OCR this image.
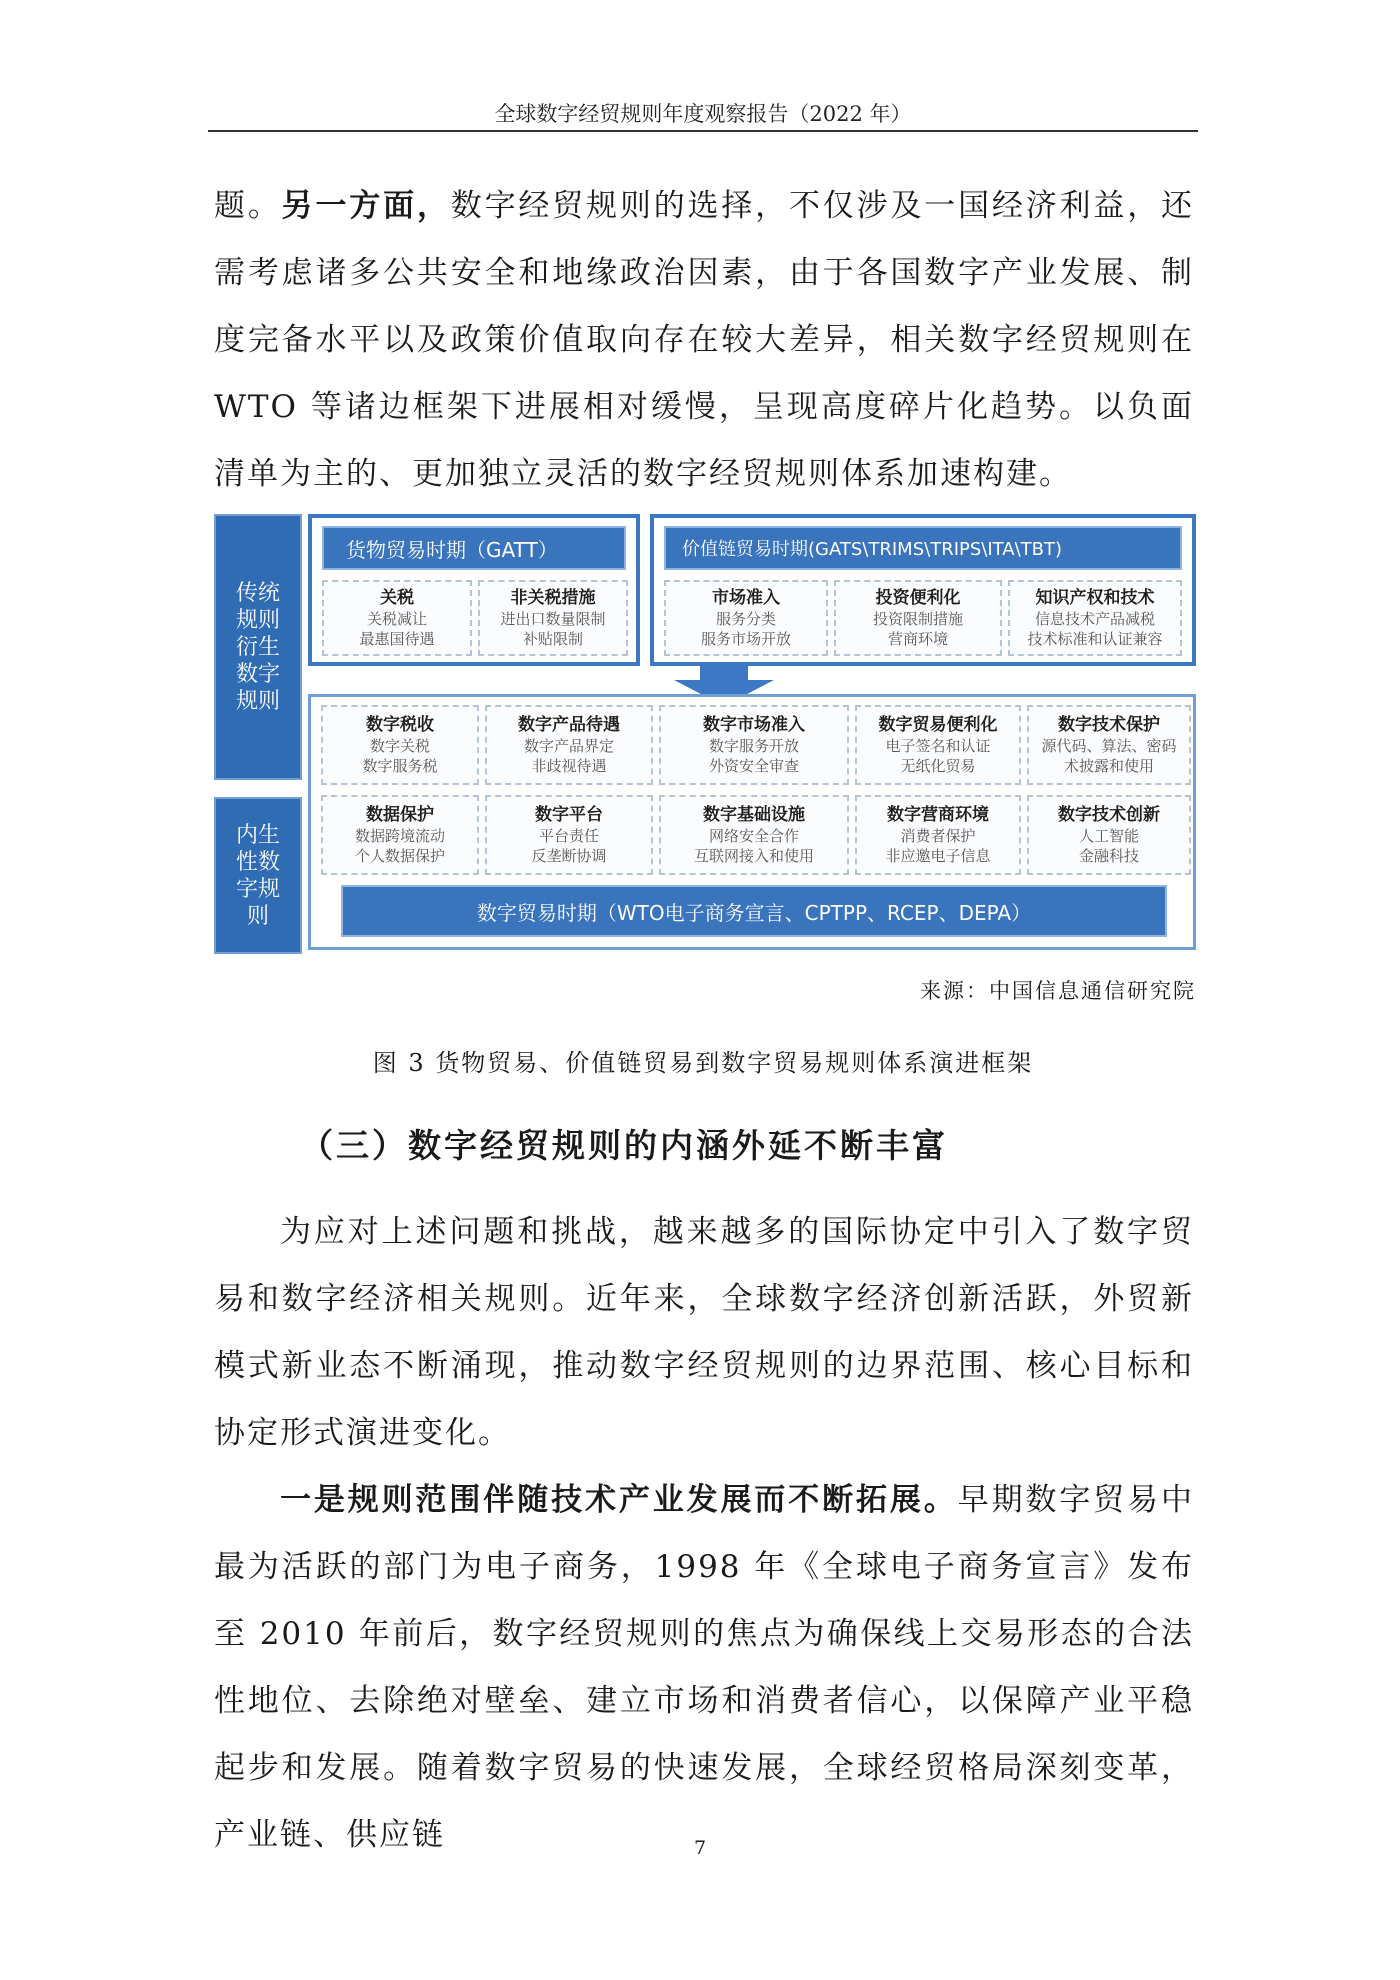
全球数字经贸规则年度观察报告（2022 年）

题。另一方面，数字经贸规则的选择，不仅涉及一国经济利益，还需考虑诸多公共安全和地缘政治因素，由于各国数字产业发展、制度完备水平以及政策价值取向存在较大差异，相关数字经贸规则在 WTO 等诸边框架下进展相对缓慢，呈现高度碎片化趋势。以负面清单为主的、更加独立灵活的数字经贸规则体系加速构建。

传统规则衍生数字规则
内生性数字规则
货物贸易时期（GATT）
关税
关税减让
最惠国待遇
非关税措施
进出口数量限制
补贴限制
价值链贸易时期(GATS\TRIMS\TRIPS\ITA\TBT)
市场准入
服务分类
服务市场开放
投资便利化
投资限制措施
营商环境
知识产权和技术
信息技术产品减税
技术标准和认证兼容
数字税收
数字关税
数字服务税
数字产品待遇
数字产品界定
非歧视待遇
数字市场准入
数字服务开放
外资安全审查
数字贸易便利化
电子签名和认证
无纸化贸易
数字技术保护
源代码、算法、密码
术披露和使用
数据保护
数据跨境流动
个人数据保护
数字平台
平台责任
反垄断协调
数字基础设施
网络安全合作
互联网接入和使用
数字营商环境
消费者保护
非应邀电子信息
数字技术创新
人工智能
金融科技
数字贸易时期（WTO电子商务宣言、CPTPP、RCEP、DEPA）
来源：中国信息通信研究院
图 3 货物贸易、价值链贸易到数字贸易规则体系演进框架
（三）数字经贸规则的内涵外延不断丰富

为应对上述问题和挑战，越来越多的国际协定中引入了数字贸易和数字经济相关规则。近年来，全球数字经济创新活跃，外贸新模式新业态不断涌现，推动数字经贸规则的边界范围、核心目标和协定形式演进变化。

一是规则范围伴随技术产业发展而不断拓展。早期数字贸易中最为活跃的部门为电子商务，1998 年《全球电子商务宣言》发布至 2010 年前后，数字经贸规则的焦点为确保线上交易形态的合法性地位、去除绝对壁垒、建立市场和消费者信心，以保障产业平稳起步和发展。随着数字贸易的快速发展，全球经贸格局深刻变革，产业链、供应链	7
